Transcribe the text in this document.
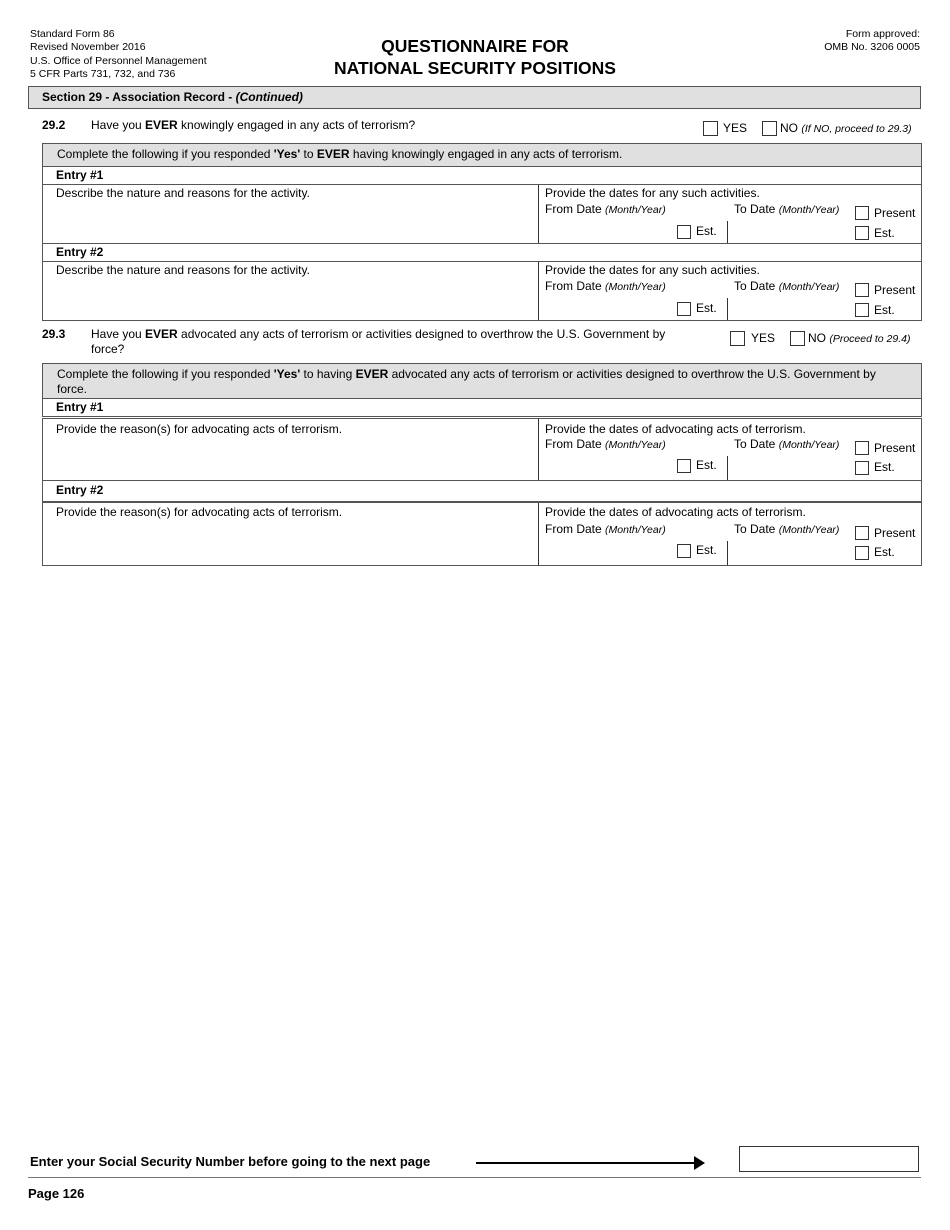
Standard Form 86
Revised November 2016
U.S. Office of Personnel Management
5 CFR Parts 731, 732, and 736
QUESTIONNAIRE FOR
NATIONAL SECURITY POSITIONS
Form approved:
OMB No. 3206 0005
Section 29 - Association Record - (Continued)
29.2 Have you EVER knowingly engaged in any acts of terrorism?	YES	NO (If NO, proceed to 29.3)
Complete the following if you responded 'Yes' to EVER having knowingly engaged in any acts of terrorism.
Entry #1
Describe the nature and reasons for the activity.	Provide the dates for any such activities.
From Date (Month/Year)	To Date (Month/Year)	Present
Est.	Est.
Entry #2
Describe the nature and reasons for the activity.	Provide the dates for any such activities.
From Date (Month/Year)	To Date (Month/Year)	Present
Est.	Est.
29.3 Have you EVER advocated any acts of terrorism or activities designed to overthrow the U.S. Government by force?
YES	NO (Proceed to 29.4)
Complete the following if you responded 'Yes' to having EVER advocated any acts of terrorism or activities designed to overthrow the U.S. Government by force.
Entry #1
Provide the reason(s) for advocating acts of terrorism.	Provide the dates of advocating acts of terrorism.
From Date (Month/Year)	To Date (Month/Year)	Present
Est.	Est.
Entry #2
Provide the reason(s) for advocating acts of terrorism.	Provide the dates of advocating acts of terrorism.
From Date (Month/Year)	To Date (Month/Year)	Present
Est.	Est.
Enter your Social Security Number before going to the next page
Page 126
